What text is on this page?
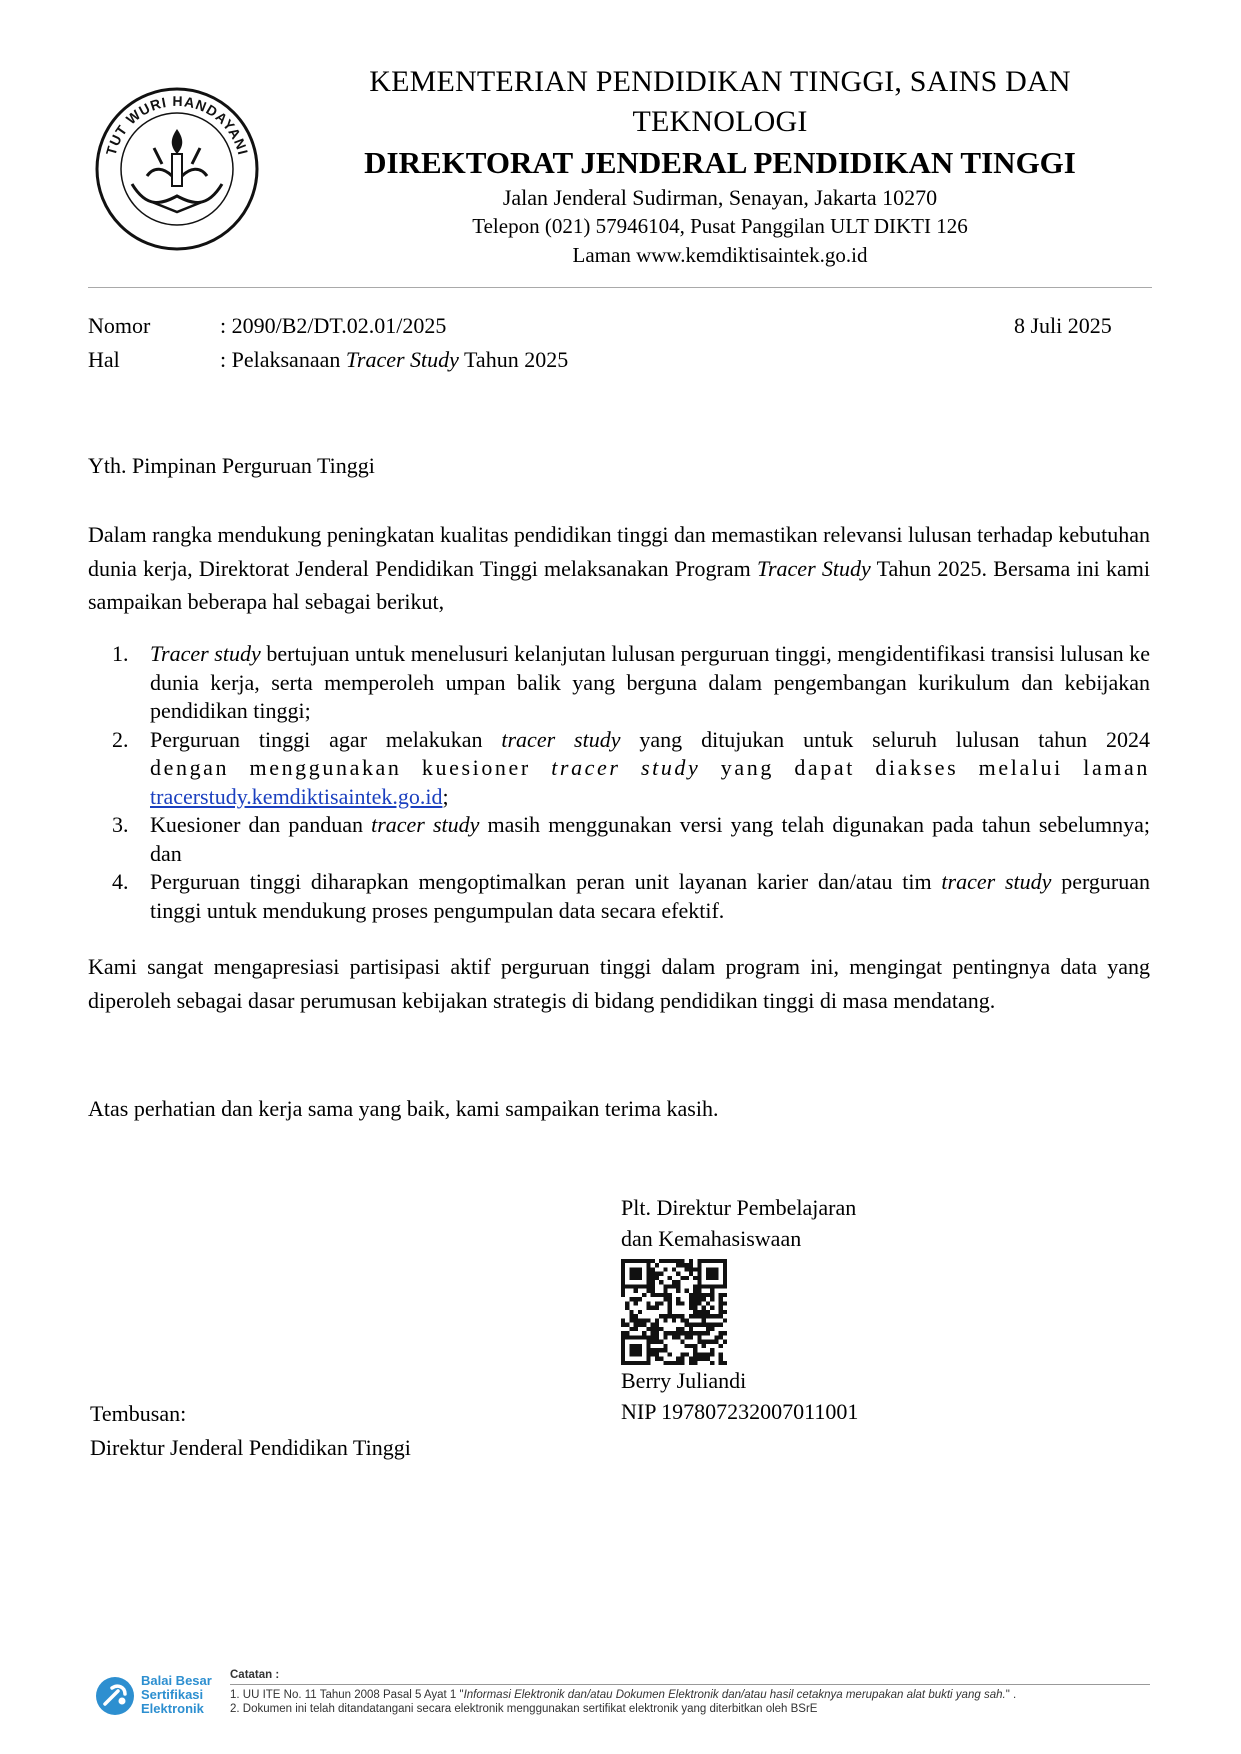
TUT WURI HANDAYANI
KEMENTERIAN PENDIDIKAN TINGGI, SAINS DAN
TEKNOLOGI
DIREKTORAT JENDERAL PENDIDIKAN TINGGI
Jalan Jenderal Sudirman, Senayan, Jakarta 10270
Telepon (021) 57946104, Pusat Panggilan ULT DIKTI 126
Laman www.kemdiktisaintek.go.id
Nomor	: 2090/B2/DT.02.01/2025	8 Juli 2025
Hal	: Pelaksanaan Tracer Study Tahun 2025
Yth. Pimpinan Perguruan Tinggi
Dalam rangka mendukung peningkatan kualitas pendidikan tinggi dan memastikan relevansi lulusan terhadap kebutuhan dunia kerja, Direktorat Jenderal Pendidikan Tinggi melaksanakan Program Tracer Study Tahun 2025. Bersama ini kami sampaikan beberapa hal sebagai berikut,
1. Tracer study bertujuan untuk menelusuri kelanjutan lulusan perguruan tinggi, mengidentifikasi transisi lulusan ke dunia kerja, serta memperoleh umpan balik yang berguna dalam pengembangan kurikulum dan kebijakan pendidikan tinggi;
2. Perguruan tinggi agar melakukan tracer study yang ditujukan untuk seluruh lulusan tahun 2024
dengan menggunakan kuesioner tracer study yang dapat diakses melalui laman
tracerstudy.kemdiktisaintek.go.id;
3. Kuesioner dan panduan tracer study masih menggunakan versi yang telah digunakan pada tahun sebelumnya; dan
4. Perguruan tinggi diharapkan mengoptimalkan peran unit layanan karier dan/atau tim tracer study perguruan tinggi untuk mendukung proses pengumpulan data secara efektif.
Kami sangat mengapresiasi partisipasi aktif perguruan tinggi dalam program ini, mengingat pentingnya data yang diperoleh sebagai dasar perumusan kebijakan strategis di bidang pendidikan tinggi di masa mendatang.
Atas perhatian dan kerja sama yang baik, kami sampaikan terima kasih.
Plt. Direktur Pembelajaran
dan Kemahasiswaan
Berry Juliandi
NIP 197807232007011001
Tembusan:
Direktur Jenderal Pendidikan Tinggi
Balai Besar
Sertifikasi
Elektronik
Catatan :
1. UU ITE No. 11 Tahun 2008 Pasal 5 Ayat 1 "Informasi Elektronik dan/atau Dokumen Elektronik dan/atau hasil cetaknya merupakan alat bukti yang sah." .
2. Dokumen ini telah ditandatangani secara elektronik menggunakan sertifikat elektronik yang diterbitkan oleh BSrE
